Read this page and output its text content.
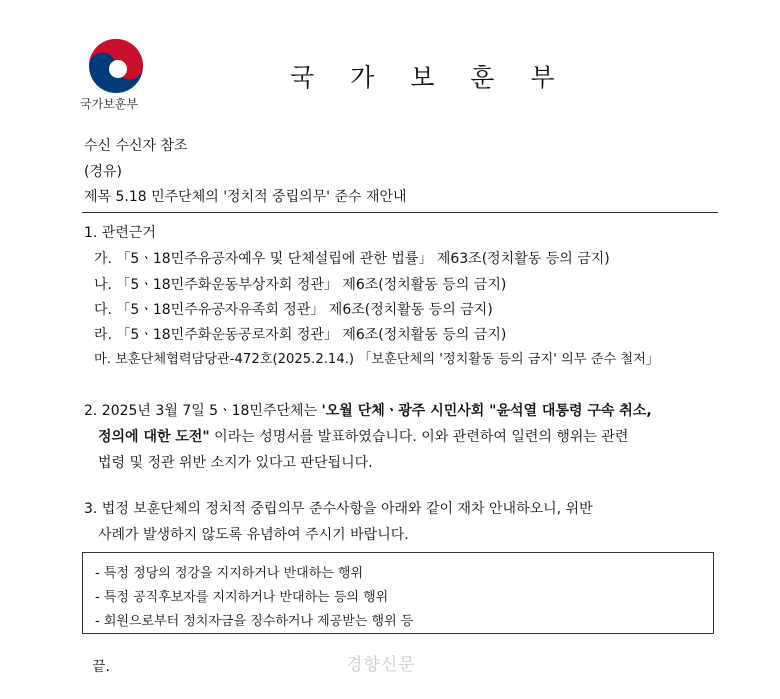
국가보훈부
국 가 보 훈 부
수신 수신자 참조
(경유)
제목 5.18 민주단체의 '정치적 중립의무' 준수 재안내
1. 관련근거
가. 「5ㆍ18민주유공자예우 및 단체설립에 관한 법률」 제63조(정치활동 등의 금지)
나. 「5ㆍ18민주화운동부상자회 정관」 제6조(정치활동 등의 금지)
다. 「5ㆍ18민주유공자유족회 정관」 제6조(정치활동 등의 금지)
라. 「5ㆍ18민주화운동공로자회 정관」 제6조(정치활동 등의 금지)
마. 보훈단체협력담당관-472호(2025.2.14.) 「보훈단체의 '정치활동 등의 금지' 의무 준수 철저」
2. 2025년 3월 7일 5ㆍ18민주단체는 '오월 단체ㆍ광주 시민사회 "윤석열 대통령 구속 취소,
정의에 대한 도전" 이라는 성명서를 발표하였습니다. 이와 관련하여 일련의 행위는 관련
법령 및 정관 위반 소지가 있다고 판단됩니다.
3. 법정 보훈단체의 정치적 중립의무 준수사항을 아래와 같이 재차 안내하오니, 위반
사례가 발생하지 않도록 유념하여 주시기 바랍니다.
- 특정 정당의 정강을 지지하거나 반대하는 행위
- 특정 공직후보자를 지지하거나 반대하는 등의 행위
- 회원으로부터 정치자금을 징수하거나 제공받는 행위 등
끝.	경향신문
